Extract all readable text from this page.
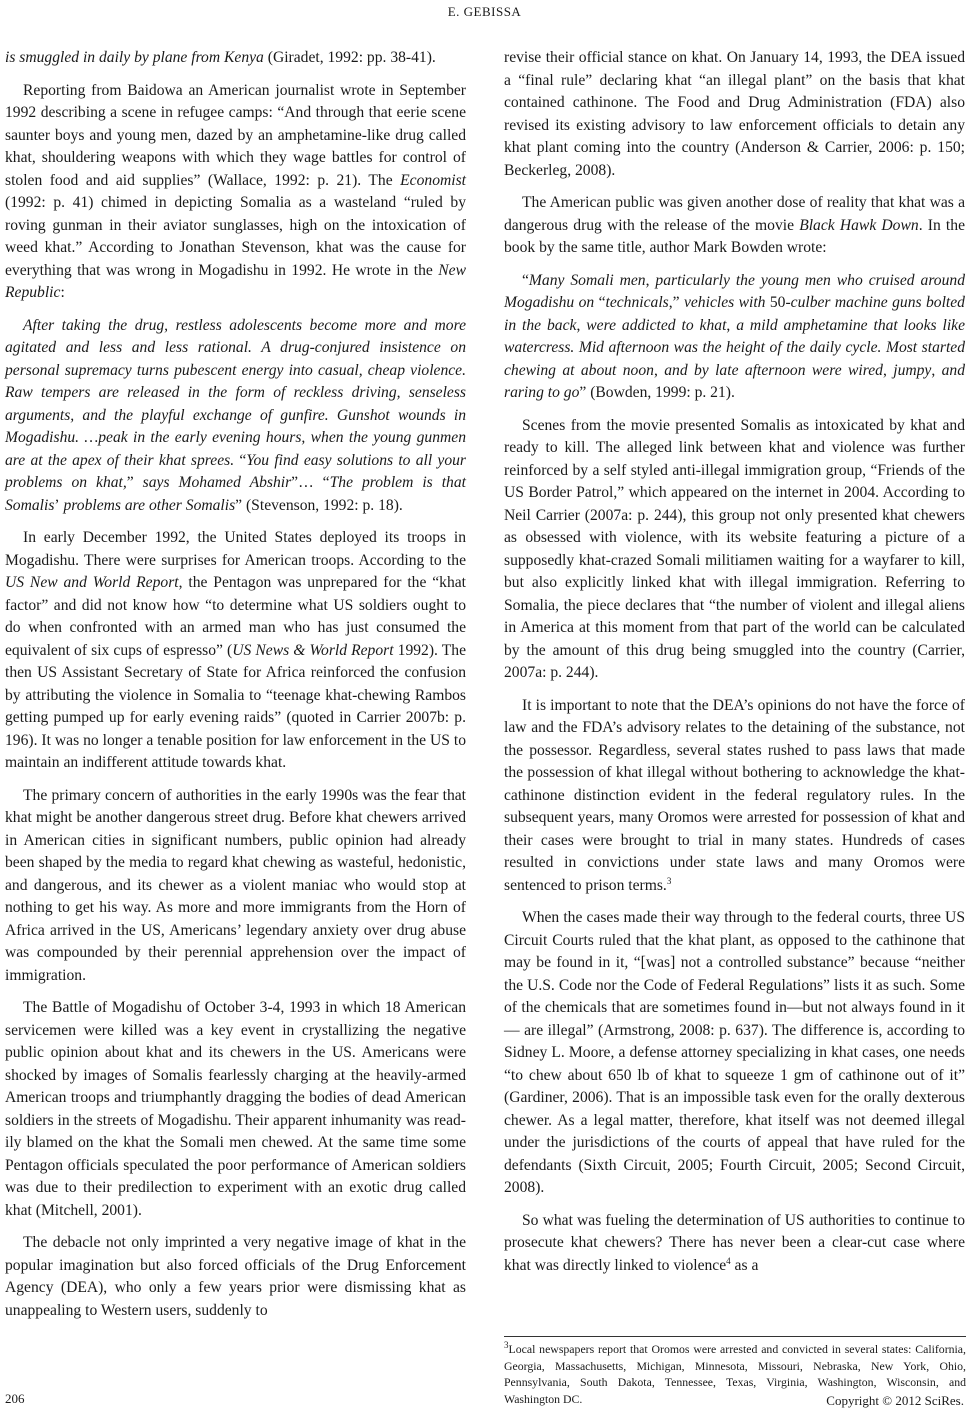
E. GEBISSA

is smuggled in daily by plane from Kenya (Giradet, 1992: pp. 38-41).

Reporting from Baidowa an American journalist wrote in September 1992 describing a scene in refugee camps: “And through that eerie scene saunter boys and young men, dazed by an amphetamine-like drug called khat, shouldering weapons with which they wage battles for control of stolen food and aid supplies” (Wallace, 1992: p. 21). The Economist (1992: p. 41) chimed in depicting Somalia as a wasteland “ruled by roving gunman in their aviator sunglasses, high on the intoxication of weed khat.” According to Jonathan Stevenson, khat was the cause for everything that was wrong in Mogadishu in 1992. He wrote in the New Republic:

After taking the drug, restless adolescents become more and more agitated and less and less rational. A drug-conjured insistence on personal supremacy turns pubescent energy into casual, cheap violence. Raw tempers are released in the form of reckless driving, senseless arguments, and the playful exchange of gunfire. Gunshot wounds in Mogadishu. …peak in the early evening hours, when the young gunmen are at the apex of their khat sprees. “You find easy solutions to all your problems on khat,” says Mohamed Abshir”… “The problem is that Somalis’ problems are other Somalis” (Stevenson, 1992: p. 18).

In early December 1992, the United States deployed its troops in Mogadishu. There were surprises for American troops. According to the US New and World Report, the Pentagon was unprepared for the “khat factor” and did not know how “to determine what US soldiers ought to do when confronted with an armed man who has just consumed the equivalent of six cups of espresso” (US News & World Report 1992). The then US Assistant Secretary of State for Africa reinforced the confusion by attributing the violence in Somalia to “teenage khat-chewing Rambos getting pumped up for early evening raids” (quoted in Carrier 2007b: p. 196). It was no longer a tenable position for law enforcement in the US to maintain an indifferent attitude towards khat.

The primary concern of authorities in the early 1990s was the fear that khat might be another dangerous street drug. Before khat chewers arrived in American cities in significant numbers, public opinion had already been shaped by the media to regard khat chewing as wasteful, hedonistic, and dangerous, and its chewer as a violent maniac who would stop at nothing to get his way. As more and more immigrants from the Horn of Africa arrived in the US, Americans’ legendary anxiety over drug abuse was compounded by their perennial apprehension over the impact of immigration.

The Battle of Mogadishu of October 3-4, 1993 in which 18 American servicemen were killed was a key event in crystallizing the negative public opinion about khat and its chewers in the US. Americans were shocked by images of Somalis fearlessly charging at the heavily-armed American troops and triumphantly dragging the bodies of dead American soldiers in the streets of Mogadishu. Their apparent inhumanity was readily blamed on the khat the Somali men chewed. At the same time some Pentagon officials speculated the poor performance of American soldiers was due to their predilection to experiment with an exotic drug called khat (Mitchell, 2001).

The debacle not only imprinted a very negative image of khat in the popular imagination but also forced officials of the Drug Enforcement Agency (DEA), who only a few years prior were dismissing khat as unappealing to Western users, suddenly to

revise their official stance on khat. On January 14, 1993, the DEA issued a “final rule” declaring khat “an illegal plant” on the basis that khat contained cathinone. The Food and Drug Administration (FDA) also revised its existing advisory to law enforcement officials to detain any khat plant coming into the country (Anderson & Carrier, 2006: p. 150; Beckerleg, 2008).

The American public was given another dose of reality that khat was a dangerous drug with the release of the movie Black Hawk Down. In the book by the same title, author Mark Bowden wrote:

“Many Somali men, particularly the young men who cruised around Mogadishu on “technicals,” vehicles with 50-culber machine guns bolted in the back, were addicted to khat, a mild amphetamine that looks like watercress. Mid afternoon was the height of the daily cycle. Most started chewing at about noon, and by late afternoon were wired, jumpy, and raring to go” (Bowden, 1999: p. 21).

Scenes from the movie presented Somalis as intoxicated by khat and ready to kill. The alleged link between khat and violence was further reinforced by a self styled anti-illegal immigration group, “Friends of the US Border Patrol,” which appeared on the internet in 2004. According to Neil Carrier (2007a: p. 244), this group not only presented khat chewers as obsessed with violence, with its website featuring a picture of a supposedly khat-crazed Somali militiamen waiting for a wayfarer to kill, but also explicitly linked khat with illegal immigration. Referring to Somalia, the piece declares that “the number of violent and illegal aliens in America at this moment from that part of the world can be calculated by the amount of this drug being smuggled into the country (Carrier, 2007a: p. 244).

It is important to note that the DEA’s opinions do not have the force of law and the FDA’s advisory relates to the detaining of the substance, not the possessor. Regardless, several states rushed to pass laws that made the possession of khat illegal without bothering to acknowledge the khat-cathinone distinction evident in the federal regulatory rules. In the subsequent years, many Oromos were arrested for possession of khat and their cases were brought to trial in many states. Hundreds of cases resulted in convictions under state laws and many Oromos were sentenced to prison terms.$^3$

When the cases made their way through to the federal courts, three US Circuit Courts ruled that the khat plant, as opposed to the cathinone that may be found in it, “[was] not a controlled substance” because “neither the U.S. Code nor the Code of Federal Regulations” lists it as such. Some of the chemicals that are sometimes found in—but not always found in it— are illegal” (Armstrong, 2008: p. 637). The difference is, according to Sidney L. Moore, a defense attorney specializing in khat cases, one needs “to chew about 650 lb of khat to squeeze 1 gm of cathinone out of it” (Gardiner, 2006). That is an impossible task even for the orally dexterous chewer. As a legal matter, therefore, khat itself was not deemed illegal under the jurisdictions of the courts of appeal that have ruled for the defendants (Sixth Circuit, 2005; Fourth Circuit, 2005; Second Circuit, 2008).

So what was fueling the determination of US authorities to continue to prosecute khat chewers? There has never been a clear-cut case where khat was directly linked to violence$^4$ as a

$^3$Local newspapers report that Oromos were arrested and convicted in several states: California, Georgia, Massachusetts, Michigan, Minnesota, Missouri, Nebraska, New York, Ohio, Pennsylvania, South Dakota, Tennessee, Texas, Virginia, Washington, Wisconsin, and Washington DC.
206	Copyright © 2012 SciRes.
